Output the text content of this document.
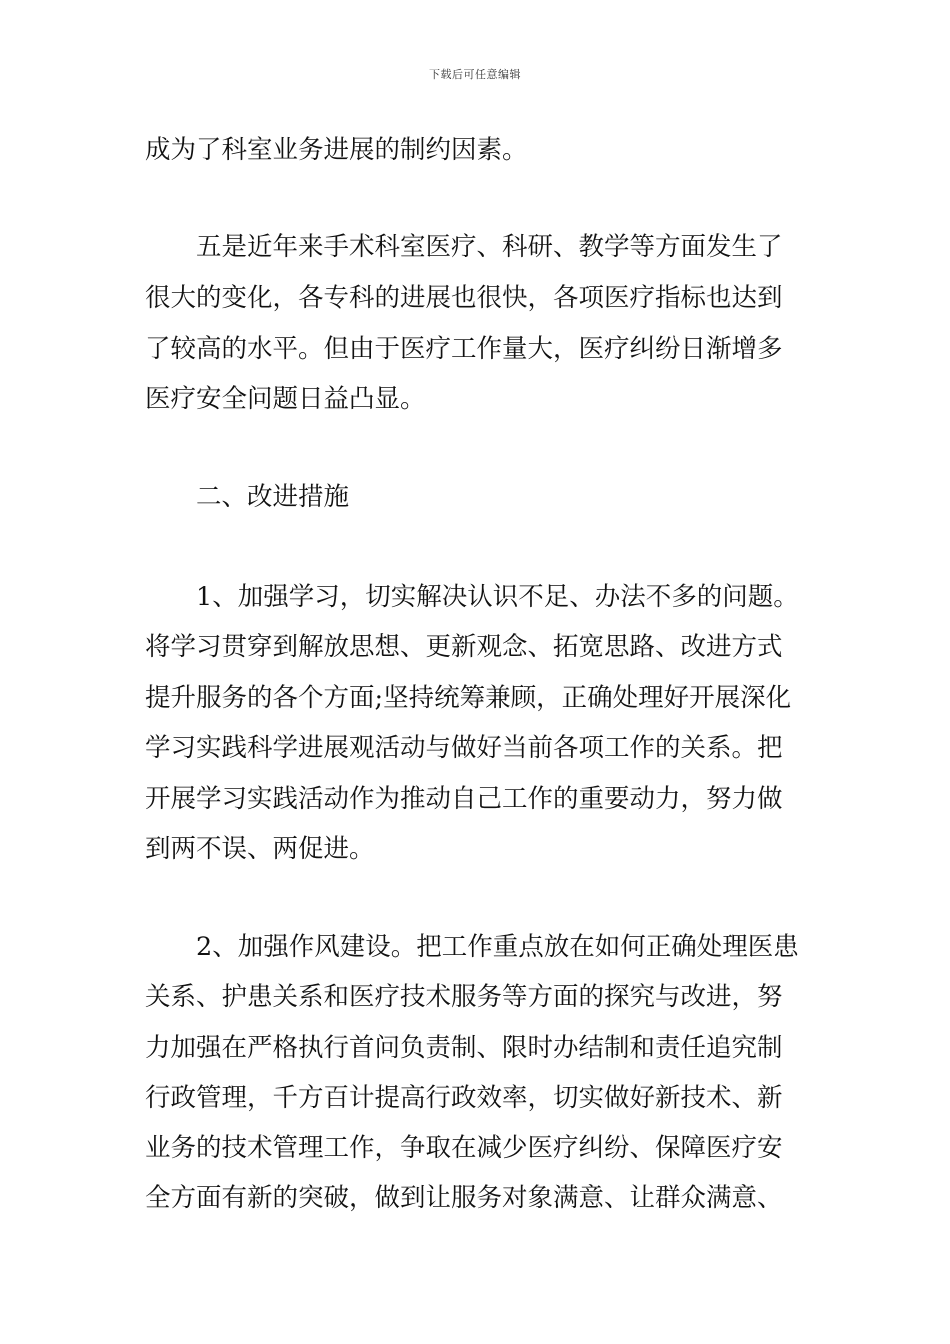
下载后可任意编辑
成为了科室业务进展的制约因素。
　　五是近年来手术科室医疗、科研、教学等方面发生了
很大的变化，各专科的进展也很快，各项医疗指标也达到
了较高的水平。但由于医疗工作量大，医疗纠纷日渐增多
医疗安全问题日益凸显。
　　二、改进措施
　　1、加强学习，切实解决认识不足、办法不多的问题。
将学习贯穿到解放思想、更新观念、拓宽思路、改进方式
提升服务的各个方面;坚持统筹兼顾，正确处理好开展深化
学习实践科学进展观活动与做好当前各项工作的关系。把
开展学习实践活动作为推动自己工作的重要动力，努力做
到两不误、两促进。
　　2、加强作风建设。把工作重点放在如何正确处理医患
关系、护患关系和医疗技术服务等方面的探究与改进，努
力加强在严格执行首问负责制、限时办结制和责任追究制
行政管理，千方百计提高行政效率，切实做好新技术、新
业务的技术管理工作，争取在减少医疗纠纷、保障医疗安
全方面有新的突破，做到让服务对象满意、让群众满意、
